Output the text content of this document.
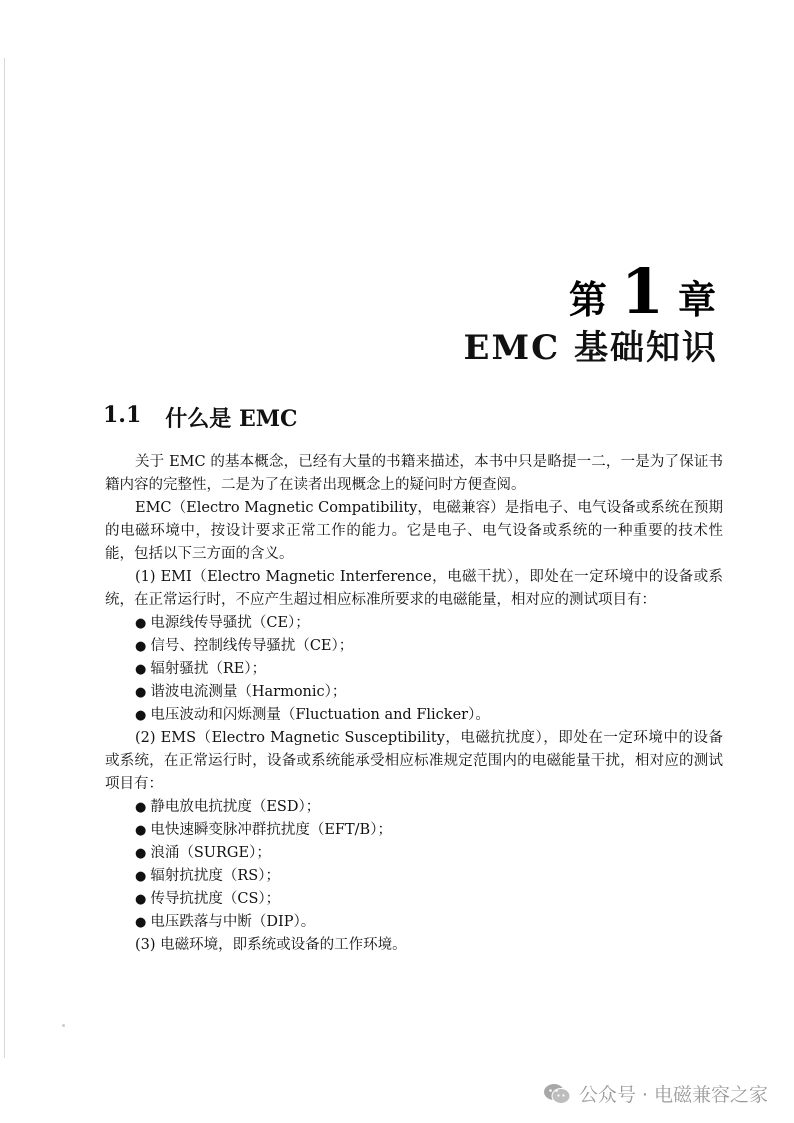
第 1 章
EMC 基础知识
1.1 什么是 EMC

关于 EMC 的基本概念，已经有大量的书籍来描述，本书中只是略提一二，一是为了保证书籍内容的完整性，二是为了在读者出现概念上的疑问时方便查阅。

EMC（Electro Magnetic Compatibility，电磁兼容）是指电子、电气设备或系统在预期的电磁环境中，按设计要求正常工作的能力。它是电子、电气设备或系统的一种重要的技术性能，包括以下三方面的含义。

(1) EMI（Electro Magnetic Interference，电磁干扰），即处在一定环境中的设备或系统，在正常运行时，不应产生超过相应标准所要求的电磁能量，相对应的测试项目有：

● 电源线传导骚扰（CE）；

● 信号、控制线传导骚扰（CE）；

● 辐射骚扰（RE）；

● 谐波电流测量（Harmonic）；

● 电压波动和闪烁测量（Fluctuation and Flicker）。

(2) EMS（Electro Magnetic Susceptibility，电磁抗扰度），即处在一定环境中的设备或系统，在正常运行时，设备或系统能承受相应标准规定范围内的电磁能量干扰，相对应的测试项目有：

● 静电放电抗扰度（ESD）；

● 电快速瞬变脉冲群抗扰度（EFT/B）；

● 浪涌（SURGE）；

● 辐射抗扰度（RS）；

● 传导抗扰度（CS）；

● 电压跌落与中断（DIP）。

(3) 电磁环境，即系统或设备的工作环境。

公众号 · 电磁兼容之家
